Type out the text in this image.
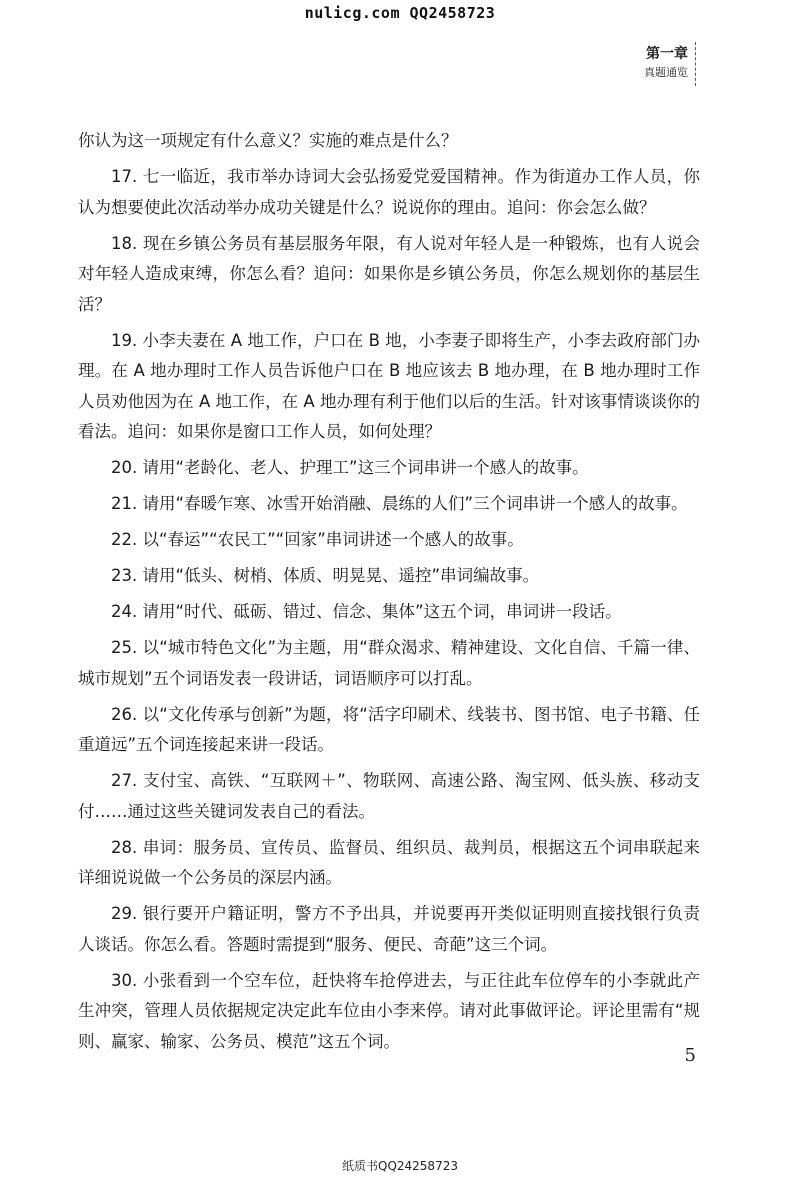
nulicg.com QQ2458723
第一章
真题通览

你认为这一项规定有什么意义？实施的难点是什么？

17. 七一临近，我市举办诗词大会弘扬爱党爱国精神。作为街道办工作人员，你认为想要使此次活动举办成功关键是什么？说说你的理由。追问：你会怎么做？

18. 现在乡镇公务员有基层服务年限，有人说对年轻人是一种锻炼，也有人说会对年轻人造成束缚，你怎么看？追问：如果你是乡镇公务员，你怎么规划你的基层生活？

19. 小李夫妻在 A 地工作，户口在 B 地，小李妻子即将生产，小李去政府部门办理。在 A 地办理时工作人员告诉他户口在 B 地应该去 B 地办理，在 B 地办理时工作人员劝他因为在 A 地工作，在 A 地办理有利于他们以后的生活。针对该事情谈谈你的看法。追问：如果你是窗口工作人员，如何处理？

20. 请用“老龄化、老人、护理工”这三个词串讲一个感人的故事。

21. 请用“春暖乍寒、冰雪开始消融、晨练的人们”三个词串讲一个感人的故事。

22. 以“春运”“农民工”“回家”串词讲述一个感人的故事。

23. 请用“低头、树梢、体质、明晃晃、遥控”串词编故事。

24. 请用“时代、砥砺、错过、信念、集体”这五个词，串词讲一段话。

25. 以“城市特色文化”为主题，用“群众渴求、精神建设、文化自信、千篇一律、城市规划”五个词语发表一段讲话，词语顺序可以打乱。

26. 以“文化传承与创新”为题，将“活字印刷术、线装书、图书馆、电子书籍、任重道远”五个词连接起来讲一段话。

27. 支付宝、高铁、“互联网＋”、物联网、高速公路、淘宝网、低头族、移动支付……通过这些关键词发表自己的看法。

28. 串词：服务员、宣传员、监督员、组织员、裁判员，根据这五个词串联起来详细说说做一个公务员的深层内涵。

29. 银行要开户籍证明，警方不予出具，并说要再开类似证明则直接找银行负责人谈话。你怎么看。答题时需提到“服务、便民、奇葩”这三个词。

30. 小张看到一个空车位，赶快将车抢停进去，与正往此车位停车的小李就此产生冲突，管理人员依据规定决定此车位由小李来停。请对此事做评论。评论里需有“规则、赢家、输家、公务员、模范”这五个词。

5
纸质书QQ24258723
